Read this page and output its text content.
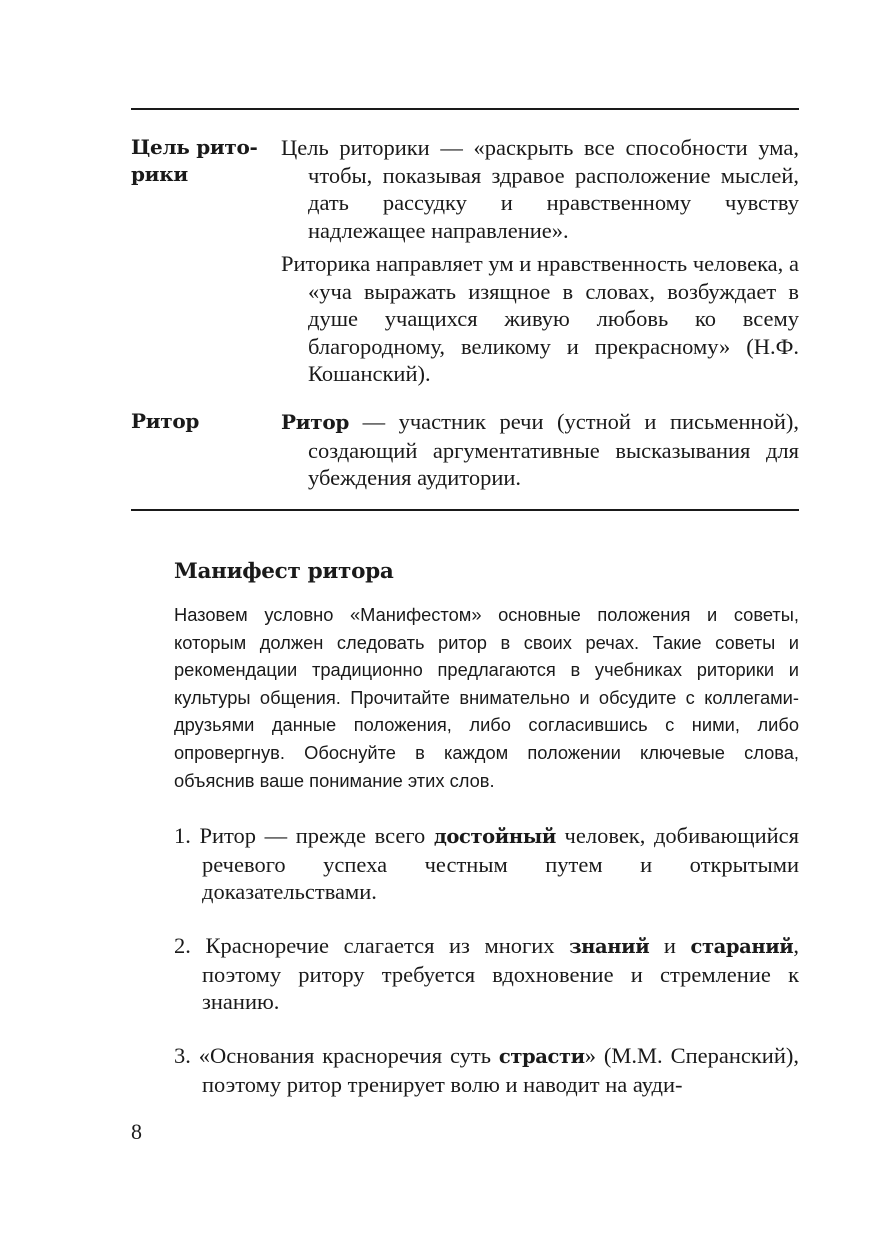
Цель рито-
рики

Цель риторики — «раскрыть все способности ума, чтобы, показывая здравое расположение мыслей, дать рассудку и нравственному чувству надлежащее направление».

Риторика направляет ум и нравственность человека, а «уча выражать изящное в словах, возбуждает в душе учащихся живую любовь ко всему благородному, великому и прекрасному» (Н.Ф. Кошанский).

Ритор	Ритор — участник речи (устной и письменной), создающий аргументативные высказывания для убеждения аудитории.

Манифест ритора

Назовем условно «Манифестом» основные положения и советы, которым должен следовать ритор в своих речах. Такие советы и рекомендации традиционно предлагаются в учебниках риторики и культуры общения. Прочитайте внимательно и обсудите с коллегами-друзьями данные положения, либо согласившись с ними, либо опровергнув. Обоснуйте в каждом положении ключевые слова, объяснив ваше понимание этих слов.

1. Ритор — прежде всего достойный человек, добивающийся речевого успеха честным путем и открытыми доказательствами.

2. Красноречие слагается из многих знаний и стараний, поэтому ритору требуется вдохновение и стремление к знанию.

3. «Основания красноречия суть страсти» (М.М. Сперанский), поэтому ритор тренирует волю и наводит на ауди-

8
